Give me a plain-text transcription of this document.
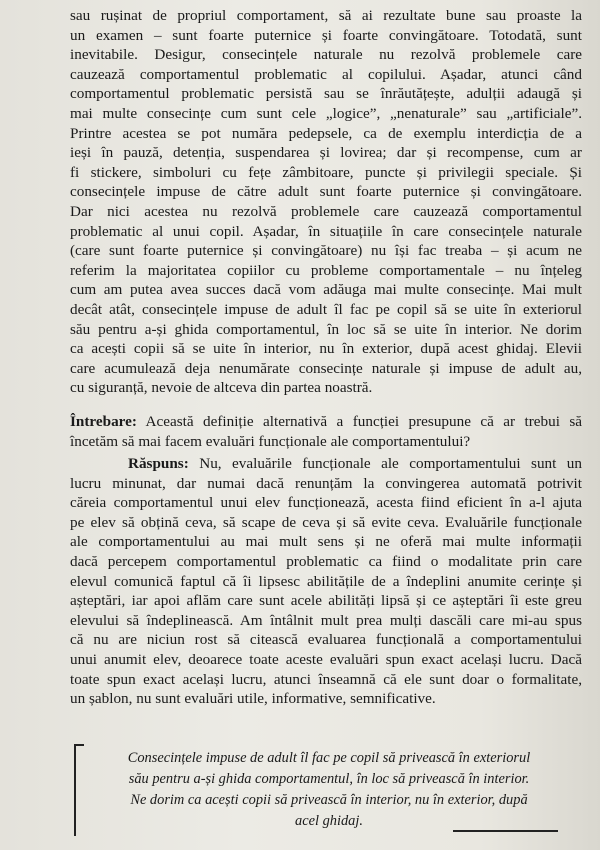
sau rușinat de propriul comportament, să ai rezultate bune sau proaste la
un examen – sunt foarte puternice și foarte convingătoare. Totodată, sunt
inevitabile. Desigur, consecințele naturale nu rezolvă problemele care
cauzează comportamentul problematic al copilului. Așadar, atunci când
comportamentul problematic persistă sau se înrăutățește, adulții adaugă și
mai multe consecințe cum sunt cele „logice”, „nenaturale” sau „artificiale”.
Printre acestea se pot număra pedepsele, ca de exemplu interdicția de a
ieși în pauză, detenția, suspendarea și lovirea; dar și recompense, cum ar
fi stickere, simboluri cu fețe zâmbitoare, puncte și privilegii speciale. Și
consecințele impuse de către adult sunt foarte puternice și convingătoare.
Dar nici acestea nu rezolvă problemele care cauzează comportamentul
problematic al unui copil. Așadar, în situațiile în care consecințele naturale
(care sunt foarte puternice și convingătoare) nu își fac treaba – și acum ne
referim la majoritatea copiilor cu probleme comportamentale – nu înțeleg
cum am putea avea succes dacă vom adăuga mai multe consecințe. Mai mult
decât atât, consecințele impuse de adult îl fac pe copil să se uite în exteriorul
său pentru a-și ghida comportamentul, în loc să se uite în interior. Ne dorim
ca acești copii să se uite în interior, nu în exterior, după acest ghidaj. Elevii
care acumulează deja nenumărate consecințe naturale și impuse de adult au,
cu siguranță, nevoie de altceva din partea noastră.
Întrebare: Această definiție alternativă a funcției presupune că ar trebui să
încetăm să mai facem evaluări funcționale ale comportamentului?
Răspuns: Nu, evaluările funcționale ale comportamentului sunt un
lucru minunat, dar numai dacă renunțăm la convingerea automată potrivit
căreia comportamentul unui elev funcționează, acesta fiind eficient în a-l ajuta
pe elev să obțină ceva, să scape de ceva și să evite ceva. Evaluările funcționale
ale comportamentului au mai mult sens și ne oferă mai multe informații
dacă percepem comportamentul problematic ca fiind o modalitate prin care
elevul comunică faptul că îi lipsesc abilitățile de a îndeplini anumite cerințe și
așteptări, iar apoi aflăm care sunt acele abilități lipsă și ce așteptări îi este greu
elevului să îndeplinească. Am întâlnit mult prea mulți dascăli care mi-au spus
că nu are niciun rost să citească evaluarea funcțională a comportamentului
unui anumit elev, deoarece toate aceste evaluări spun exact același lucru. Dacă
toate spun exact același lucru, atunci înseamnă că ele sunt doar o formalitate,
un șablon, nu sunt evaluări utile, informative, semnificative.
Consecințele impuse de adult îl fac pe copil să privească în exteriorul
său pentru a-și ghida comportamentul, în loc să privească în interior.
Ne dorim ca acești copii să privească în interior, nu în exterior, după
acel ghidaj.
